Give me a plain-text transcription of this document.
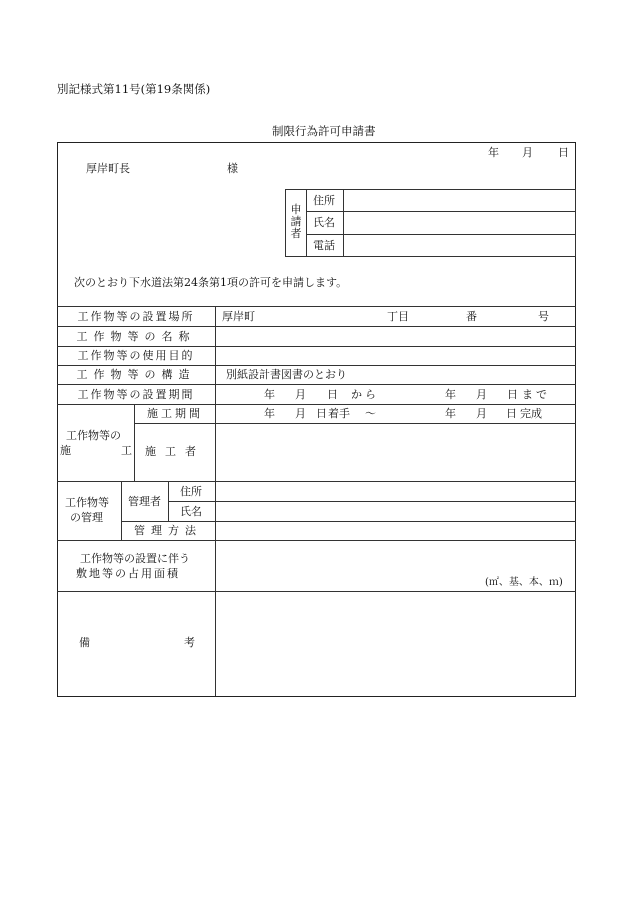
別記様式第11号(第19条関係)
制限行為許可申請書
年 月 日
厚岸町長	様
申
請
者
住所
氏名
電話
次のとおり下水道法第24条第1項の許可を申請します。
工作物等の設置場所	厚岸町	丁目	番	号
工作物等の名称
工作物等の使用目的
工作物等の構造	別紙設計書図書のとおり
工作物等の設置期間	年 月 日 から	年 月 日 まで
工作物等の
施	工
施工期間	年 月 日 着手 〜	年 月 日 完成
施工者
工作物等
の管理
管理者
住所
氏名
管理方法
工作物等の設置に伴う
敷地等の占用面積
(㎡、基、本、ｍ)
備	考
